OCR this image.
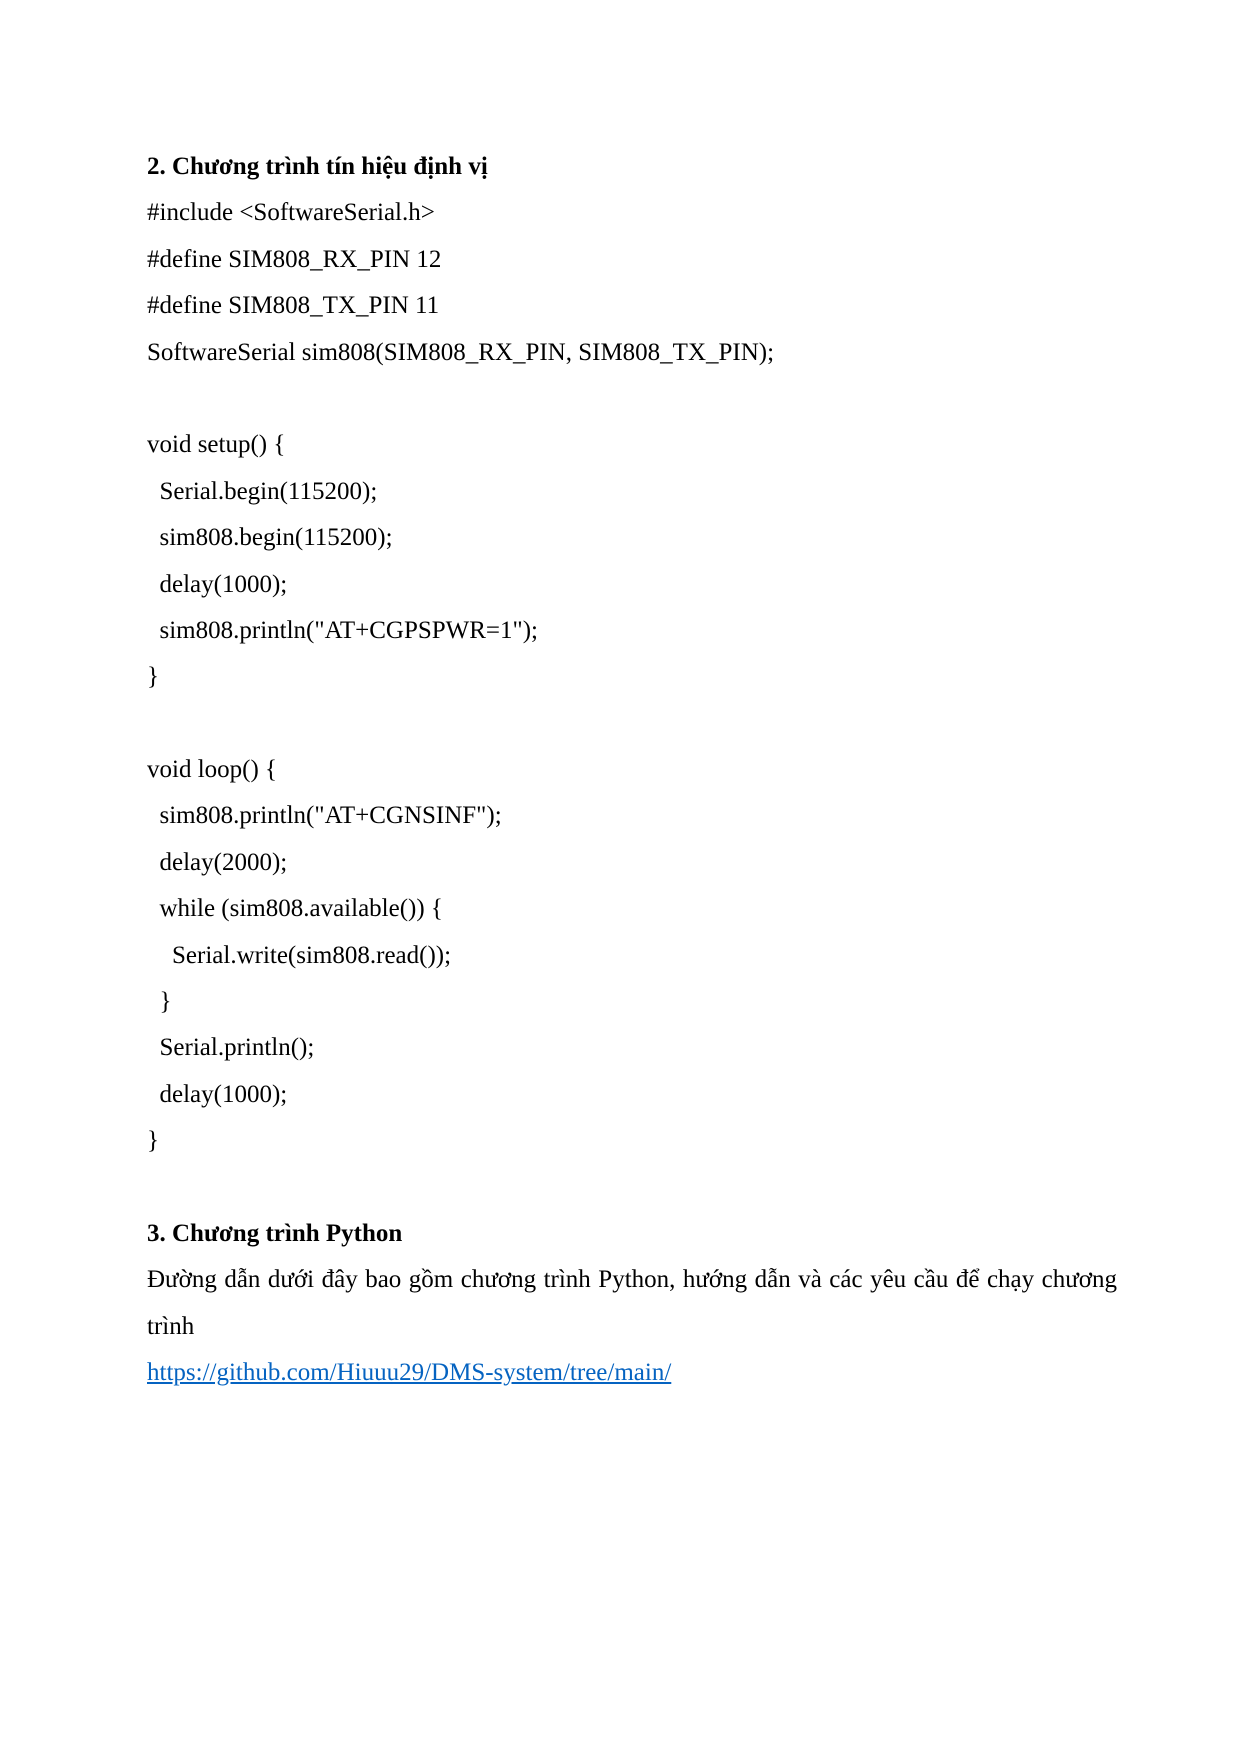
2. Chương trình tín hiệu định vị
#include <SoftwareSerial.h>
#define SIM808_RX_PIN 12
#define SIM808_TX_PIN 11
SoftwareSerial sim808(SIM808_RX_PIN, SIM808_TX_PIN);
void setup() {
Serial.begin(115200);
sim808.begin(115200);
delay(1000);
sim808.println("AT+CGPSPWR=1");
}
void loop() {
sim808.println("AT+CGNSINF");
delay(2000);
while (sim808.available()) {
Serial.write(sim808.read());
}
Serial.println();
delay(1000);
}
3. Chương trình Python
Đường dẫn dưới đây bao gồm chương trình Python, hướng dẫn và các yêu cầu để chạy chương trình
https://github.com/Hiuuu29/DMS-system/tree/main/
